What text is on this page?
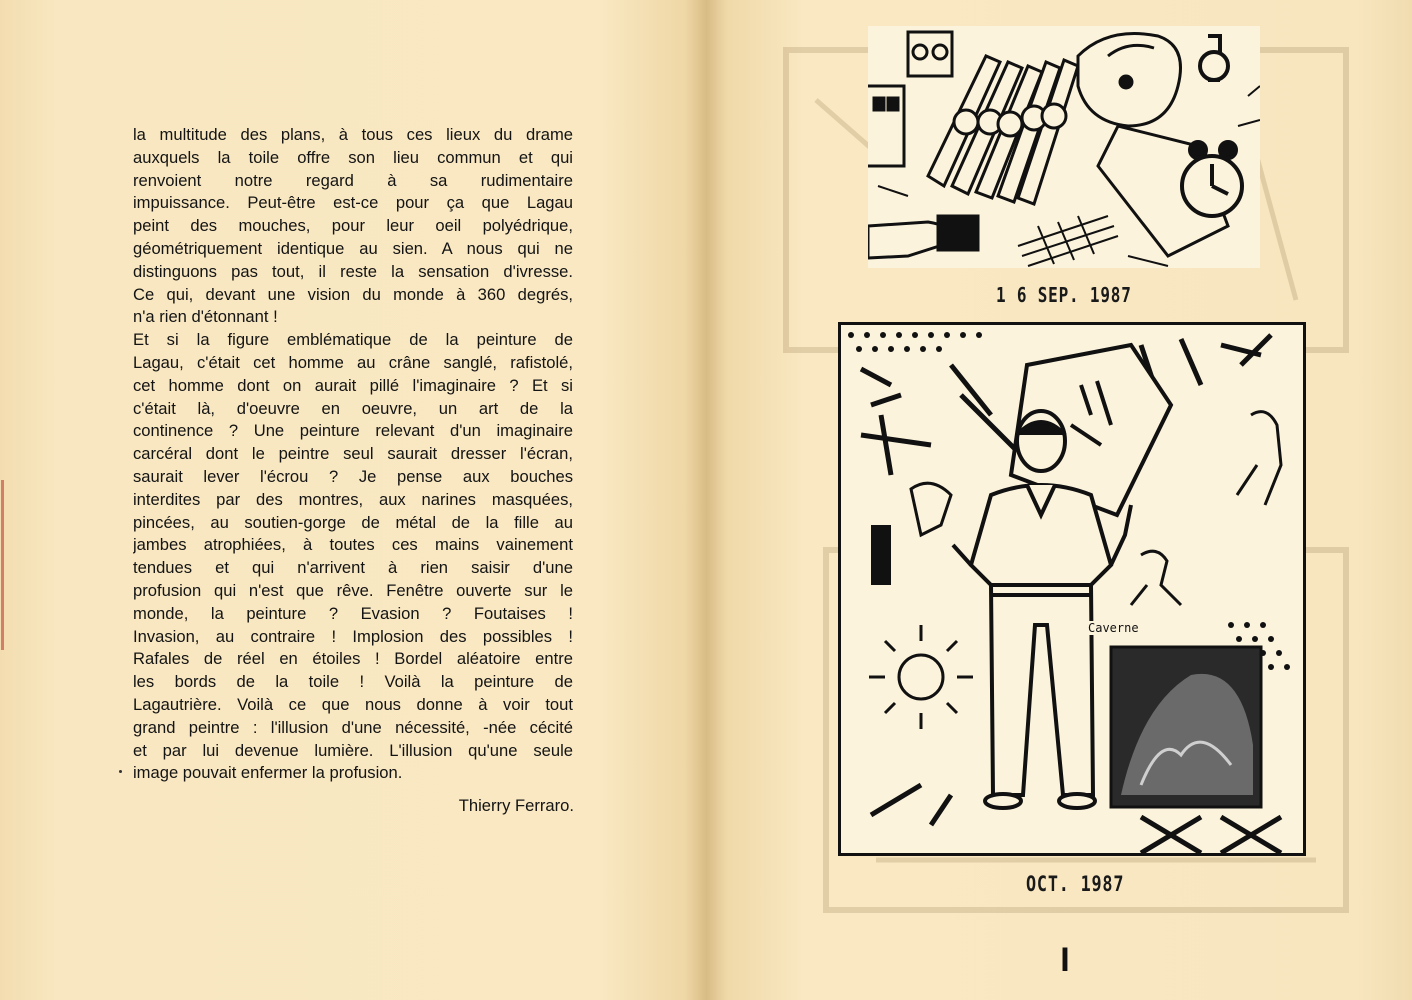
la multitude des plans, à tous ces lieux du drame
auxquels la toile offre son lieu commun et qui
renvoient notre regard à sa rudimentaire
impuissance. Peut-être est-ce pour ça que Lagau
peint des mouches, pour leur oeil polyédrique,
géométriquement identique au sien. A nous qui ne
distinguons pas tout, il reste la sensation d'ivresse.
Ce qui, devant une vision du monde à 360 degrés,
n'a rien d'étonnant !
Et si la figure emblématique de la peinture de
Lagau, c'était cet homme au crâne sanglé, rafistolé,
cet homme dont on aurait pillé l'imaginaire ? Et si
c'était là, d'oeuvre en oeuvre, un art de la
continence ? Une peinture relevant d'un imaginaire
carcéral dont le peintre seul saurait dresser l'écran,
saurait lever l'écrou ? Je pense aux bouches
interdites par des montres, aux narines masquées,
pincées, au soutien-gorge de métal de la fille au
jambes atrophiées, à toutes ces mains vainement
tendues et qui n'arrivent à rien saisir d'une
profusion qui n'est que rêve. Fenêtre ouverte sur le
monde, la peinture ? Evasion ? Foutaises !
Invasion, au contraire ! Implosion des possibles !
Rafales de réel en étoiles ! Bordel aléatoire entre
les bords de la toile ! Voilà la peinture de
Lagautrière. Voilà ce que nous donne à voir tout
grand peintre : l'illusion d'une nécessité, -née cécité
et par lui devenue lumière. L'illusion qu'une seule
image pouvait enfermer la profusion.

Thierry Ferraro.

1 6 SEP. 1987
Caverne
OCT. 1987
I
